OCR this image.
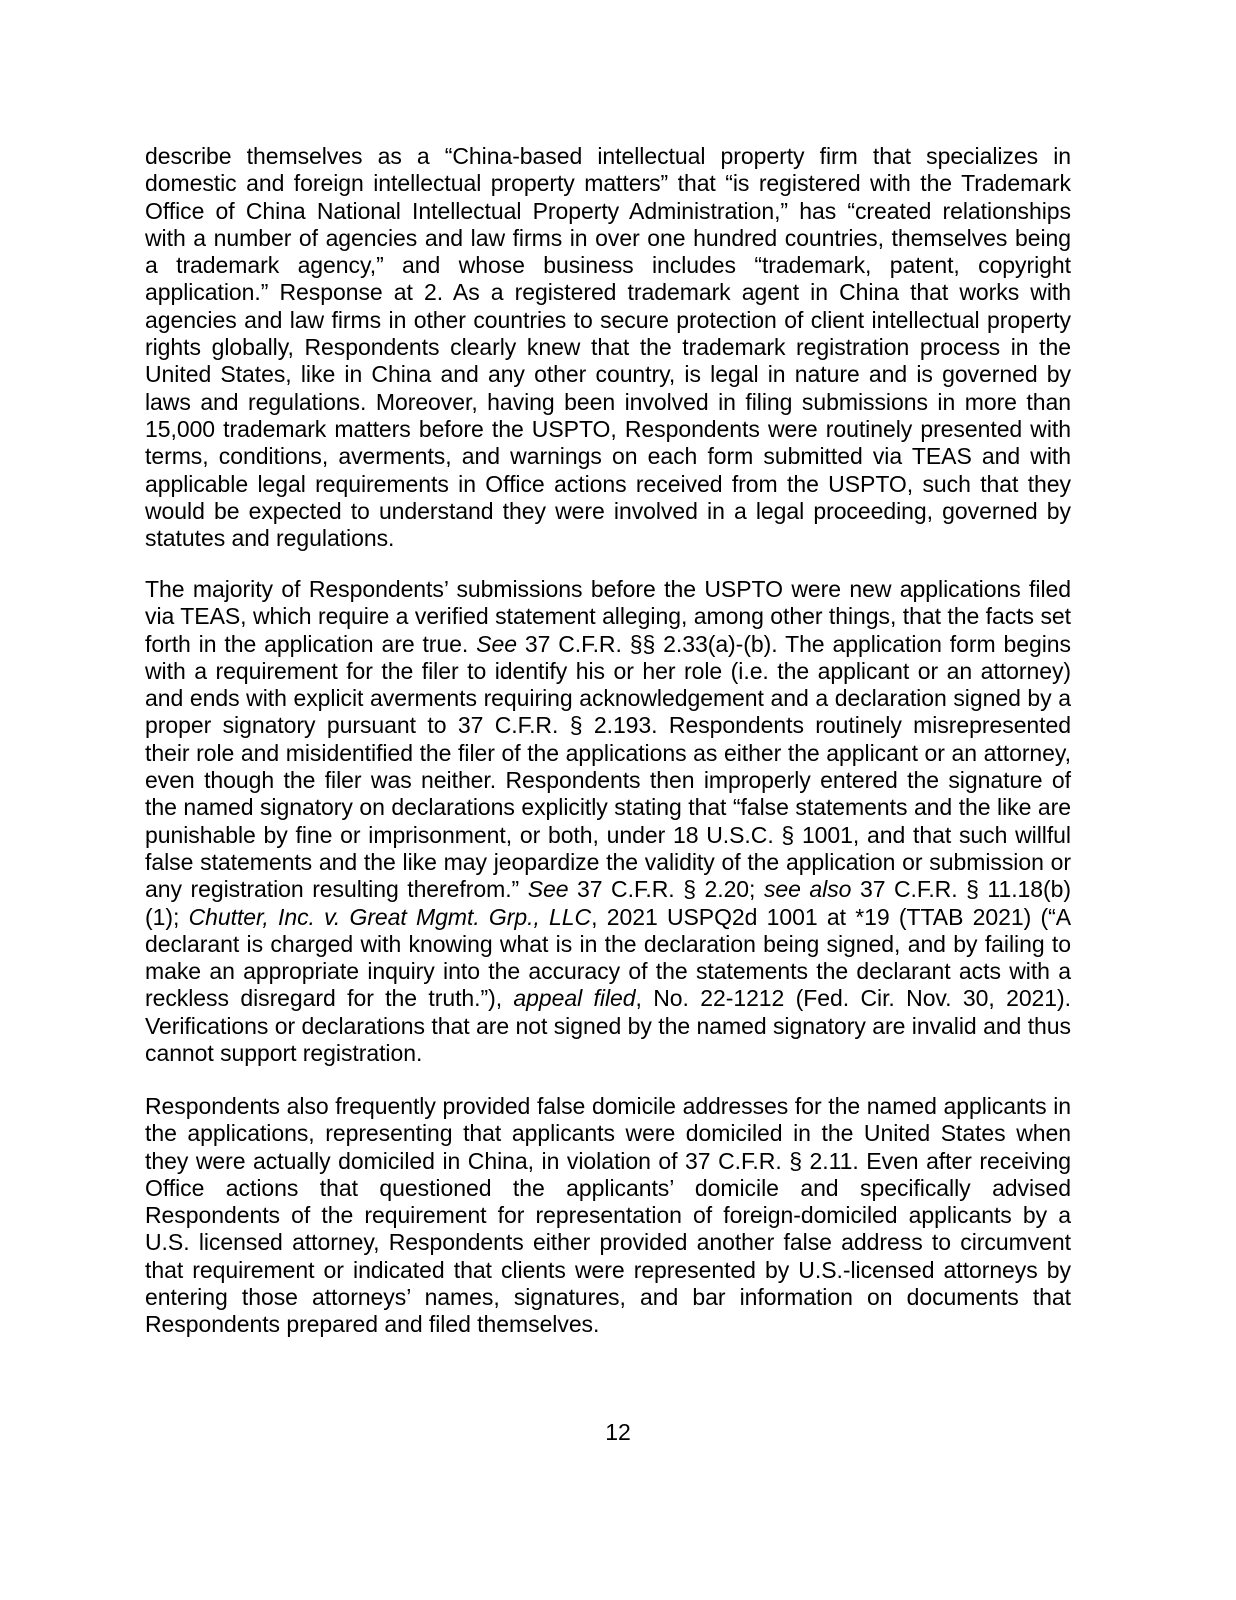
describe themselves as a “China-based intellectual property firm that specializes in domestic and foreign intellectual property matters” that “is registered with the Trademark Office of China National Intellectual Property Administration,” has “created relationships with a number of agencies and law firms in over one hundred countries, themselves being a trademark agency,” and whose business includes “trademark, patent, copyright application.” Response at 2. As a registered trademark agent in China that works with agencies and law firms in other countries to secure protection of client intellectual property rights globally, Respondents clearly knew that the trademark registration process in the United States, like in China and any other country, is legal in nature and is governed by laws and regulations. Moreover, having been involved in filing submissions in more than 15,000 trademark matters before the USPTO, Respondents were routinely presented with terms, conditions, averments, and warnings on each form submitted via TEAS and with applicable legal requirements in Office actions received from the USPTO, such that they would be expected to understand they were involved in a legal proceeding, governed by statutes and regulations.

The majority of Respondents’ submissions before the USPTO were new applications filed via TEAS, which require a verified statement alleging, among other things, that the facts set forth in the application are true. See 37 C.F.R. §§ 2.33(a)-(b). The application form begins with a requirement for the filer to identify his or her role (i.e. the applicant or an attorney) and ends with explicit averments requiring acknowledgement and a declaration signed by a proper signatory pursuant to 37 C.F.R. § 2.193. Respondents routinely misrepresented their role and misidentified the filer of the applications as either the applicant or an attorney, even though the filer was neither. Respondents then improperly entered the signature of the named signatory on declarations explicitly stating that “false statements and the like are punishable by fine or imprisonment, or both, under 18 U.S.C. § 1001, and that such willful false statements and the like may jeopardize the validity of the application or submission or any registration resulting therefrom.” See 37 C.F.R. § 2.20; see also 37 C.F.R. § 11.18(b)(1); Chutter, Inc. v. Great Mgmt. Grp., LLC, 2021 USPQ2d 1001 at *19 (TTAB 2021) (“A declarant is charged with knowing what is in the declaration being signed, and by failing to make an appropriate inquiry into the accuracy of the statements the declarant acts with a reckless disregard for the truth.”), appeal filed, No. 22-1212 (Fed. Cir. Nov. 30, 2021). Verifications or declarations that are not signed by the named signatory are invalid and thus cannot support registration.

Respondents also frequently provided false domicile addresses for the named applicants in the applications, representing that applicants were domiciled in the United States when they were actually domiciled in China, in violation of 37 C.F.R. § 2.11. Even after receiving Office actions that questioned the applicants’ domicile and specifically advised Respondents of the requirement for representation of foreign-domiciled applicants by a U.S. licensed attorney, Respondents either provided another false address to circumvent that requirement or indicated that clients were represented by U.S.-licensed attorneys by entering those attorneys’ names, signatures, and bar information on documents that Respondents prepared and filed themselves.

12
